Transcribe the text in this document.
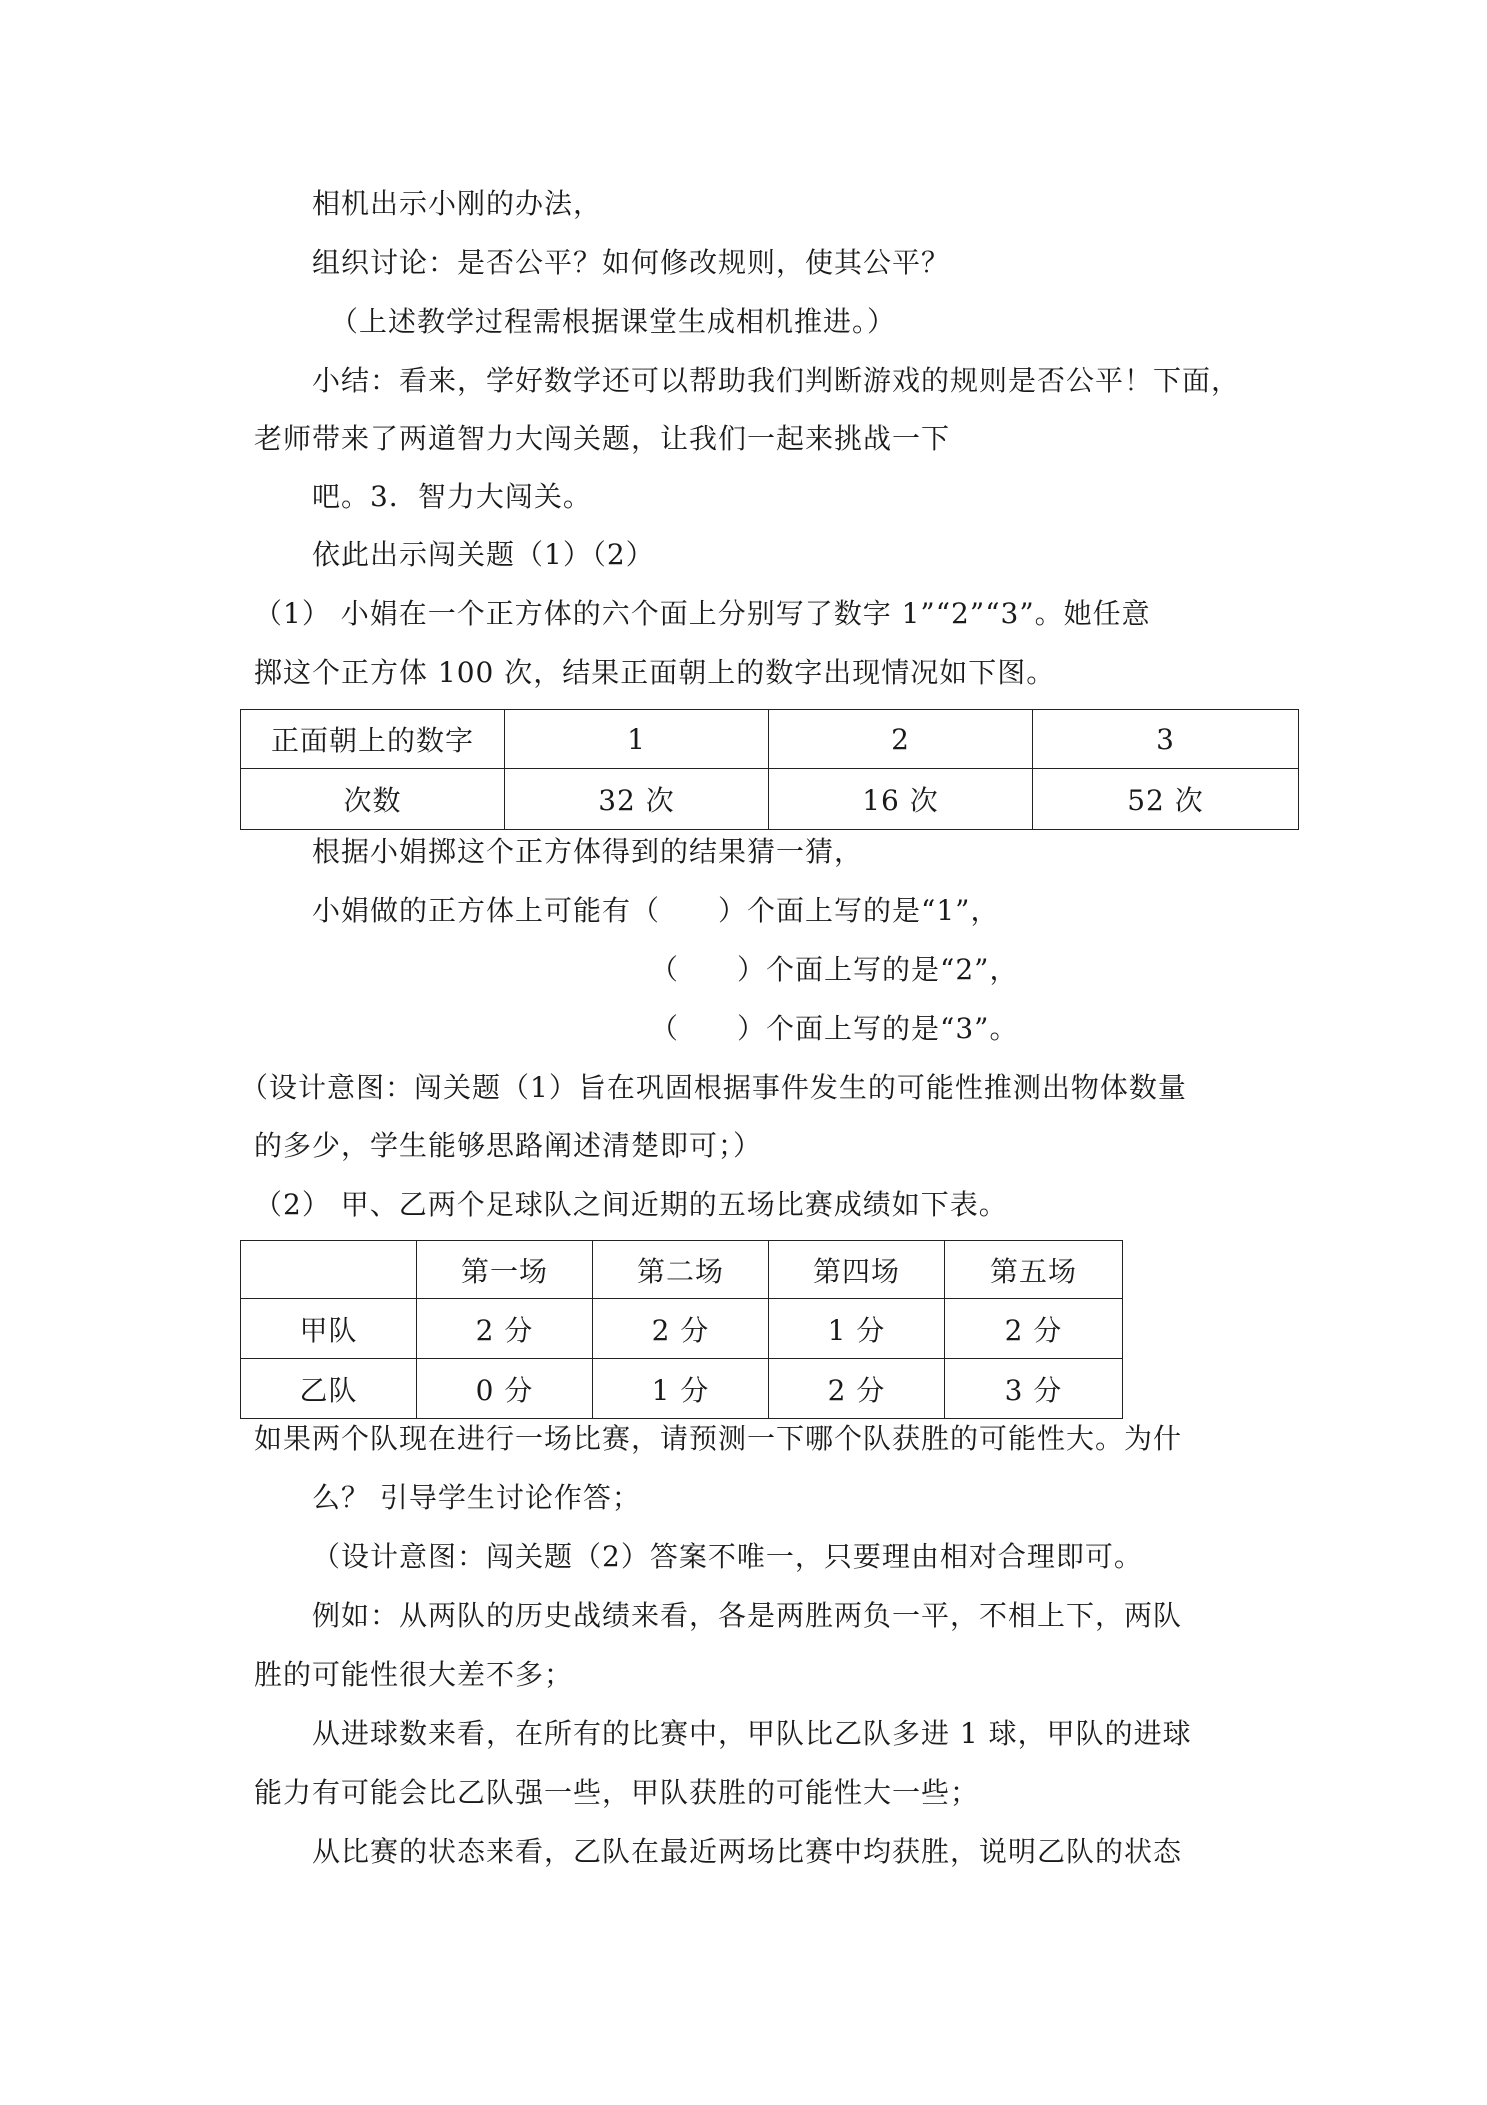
相机出示小刚的办法，
组织讨论：是否公平？如何修改规则，使其公平？
（上述教学过程需根据课堂生成相机推进。）
小结：看来，学好数学还可以帮助我们判断游戏的规则是否公平！下面，
老师带来了两道智力大闯关题，让我们一起来挑战一下
吧。3．智力大闯关。
依此出示闯关题（1）（2）
（1） 小娟在一个正方体的六个面上分别写了数字 1”“2”“3”。她任意
掷这个正方体 100 次，结果正面朝上的数字出现情况如下图。
正面朝上的数字	1	2	3
次数	32 次	16 次	52 次
根据小娟掷这个正方体得到的结果猜一猜，
小娟做的正方体上可能有（　　）个面上写的是“1”，
（　　）个面上写的是“2”，
（　　）个面上写的是“3”。
（设计意图：闯关题（1）旨在巩固根据事件发生的可能性推测出物体数量
的多少，学生能够思路阐述清楚即可；）
（2） 甲、乙两个足球队之间近期的五场比赛成绩如下表。
	第一场	第二场	第四场	第五场
甲队	2 分	2 分	1 分	2 分
乙队	0 分	1 分	2 分	3 分
如果两个队现在进行一场比赛，请预测一下哪个队获胜的可能性大。为什
么？ 引导学生讨论作答；
（设计意图：闯关题（2）答案不唯一，只要理由相对合理即可。
例如：从两队的历史战绩来看，各是两胜两负一平，不相上下，两队
胜的可能性很大差不多；
从进球数来看，在所有的比赛中，甲队比乙队多进 1 球，甲队的进球
能力有可能会比乙队强一些，甲队获胜的可能性大一些；
从比赛的状态来看，乙队在最近两场比赛中均获胜，说明乙队的状态
